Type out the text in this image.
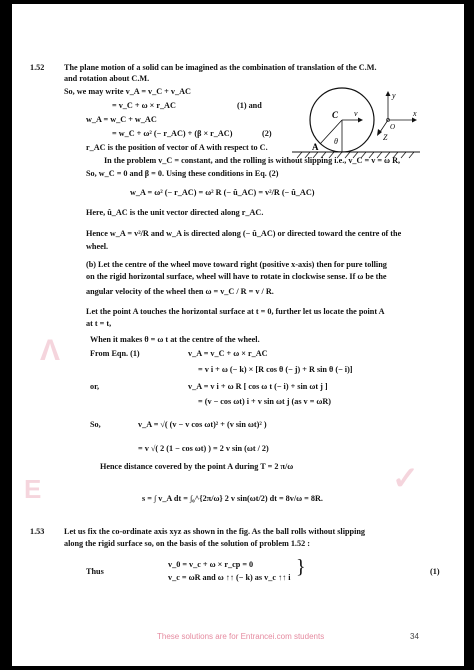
Λ
E	✓
1.52 The plane motion of a solid can be imagined as the combination of translation of the C.M.
and rotation about C.M.
So, we may write v_A = v_C + v_AC
= v_C + ω × r_AC	(1) and
w_A = w_C + w_AC
= w_C + ω² (− r_AC) + (β × r_AC)	(2)
r_AC is the position of vector of A with respect to C.
In the problem v_C = constant, and the rolling is without slipping i.e., v_C = v = ω R,
So, w_C = 0 and β = 0. Using these conditions in Eq. (2)
w_A = ω² (− r_AC) = ω² R (− û_AC) = v²/R (− û_AC)
Here, û_AC is the unit vector directed along r_AC.
Hence w_A = v²/R and w_A is directed along (− û_AC) or directed toward the centre of the
wheel.
(b) Let the centre of the wheel move toward right (positive x-axis) then for pure tolling
on the rigid horizontal surface, wheel will have to rotate in clockwise sense. If ω be the
angular velocity of the wheel then ω = v_C / R = v / R.
Let the point A touches the horizontal surface at t = 0, further let us locate the point A
at t = t,
When it makes θ = ω t at the centre of the wheel.
From Eqn. (1)	v_A = v_C + ω × r_AC
= v i + ω (− k) × [R cos θ (− j) + R sin θ (− i)]
or,	v_A = v i + ω R [ cos ω t (− i) + sin ωt j ]
= (v − cos ωt) i + v sin ωt j (as v = ωR)
So,	v_A = √( (v − v cos ωt)² + (v sin ωt)² )
= v √( 2 (1 − cos ωt) ) = 2 v sin (ωt / 2)
Hence distance covered by the point A during T = 2 π/ω
s = ∫ v_A dt = ∫₀^{2π/ω} 2 v sin(ωt/2) dt = 8v/ω = 8R.
C v
θ
A
y
x
Z
O
1.53 Let us fix the co-ordinate axis xyz as shown in the fig. As the ball rolls without slipping
along the rigid surface so, on the basis of the solution of problem 1.52 :
Thus
v_0 = v_c + ω × r_cp = 0
v_c = ωR and ω ↑↑ (− k) as v_c ↑↑ i }	(1)
These solutions are for Entrancei.com students	34
